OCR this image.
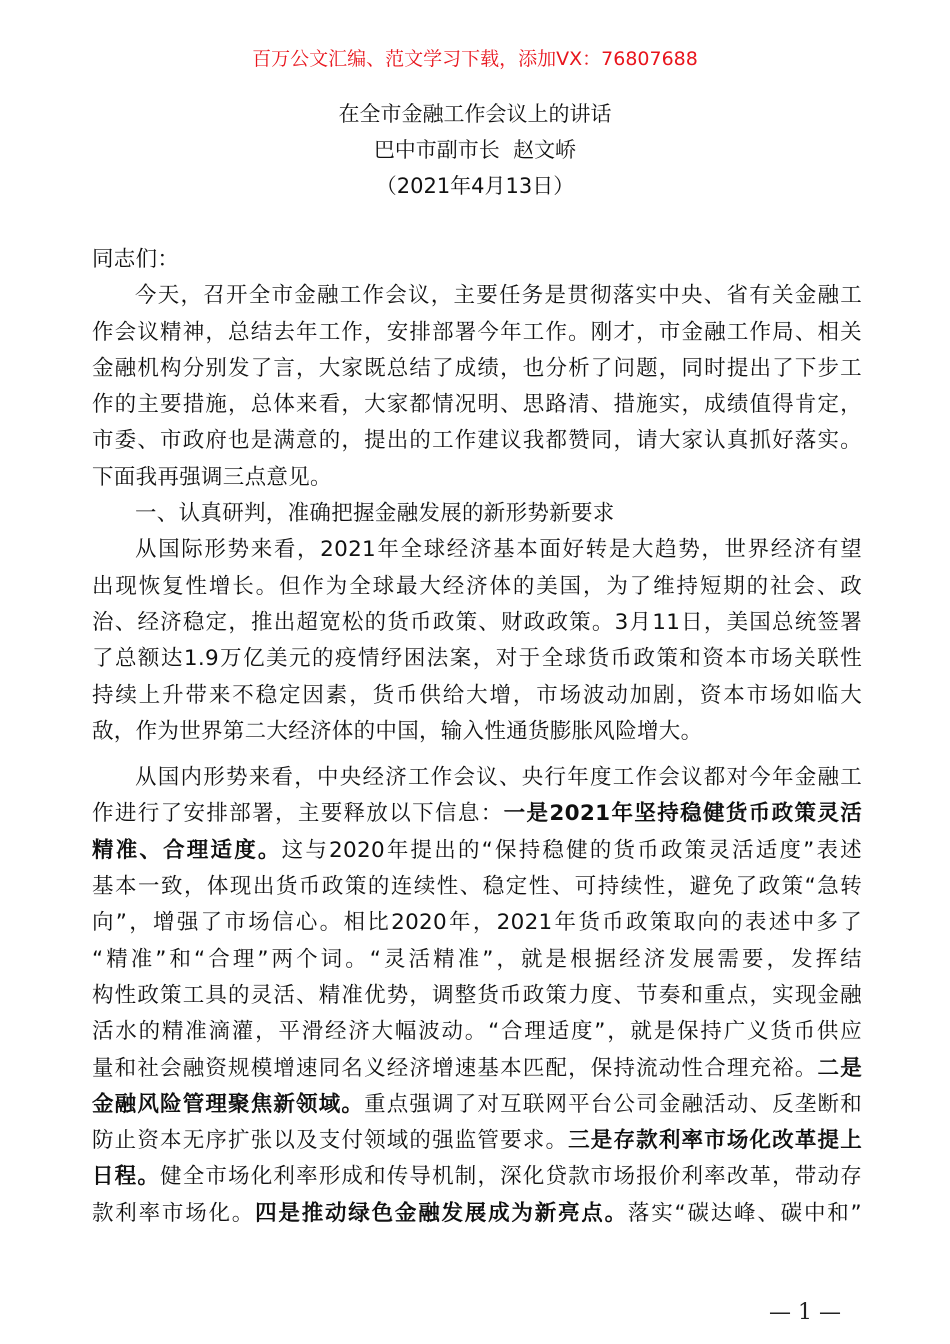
百万公文汇编、范文学习下载，添加VX：76807688
在全市金融工作会议上的讲话
巴中市副市长  赵文峤
（2021年4月13日）
同志们：
今天，召开全市金融工作会议，主要任务是贯彻落实中央、省有关金融工
作会议精神，总结去年工作，安排部署今年工作。刚才，市金融工作局、相关
金融机构分别发了言，大家既总结了成绩，也分析了问题，同时提出了下步工
作的主要措施，总体来看，大家都情况明、思路清、措施实，成绩值得肯定，
市委、市政府也是满意的，提出的工作建议我都赞同，请大家认真抓好落实。
下面我再强调三点意见。
一、认真研判，准确把握金融发展的新形势新要求
从国际形势来看，2021年全球经济基本面好转是大趋势，世界经济有望
出现恢复性增长。但作为全球最大经济体的美国，为了维持短期的社会、政
治、经济稳定，推出超宽松的货币政策、财政政策。3月11日，美国总统签署
了总额达1.9万亿美元的疫情纾困法案，对于全球货币政策和资本市场关联性
持续上升带来不稳定因素，货币供给大增，市场波动加剧，资本市场如临大
敌，作为世界第二大经济体的中国，输入性通货膨胀风险增大。
从国内形势来看，中央经济工作会议、央行年度工作会议都对今年金融工
作进行了安排部署，主要释放以下信息：一是2021年坚持稳健货币政策灵活
精准、合理适度。这与2020年提出的“保持稳健的货币政策灵活适度”表述
基本一致，体现出货币政策的连续性、稳定性、可持续性，避免了政策“急转
向”，增强了市场信心。相比2020年，2021年货币政策取向的表述中多了
“精准”和“合理”两个词。“灵活精准”，就是根据经济发展需要，发挥结
构性政策工具的灵活、精准优势，调整货币政策力度、节奏和重点，实现金融
活水的精准滴灌，平滑经济大幅波动。“合理适度”，就是保持广义货币供应
量和社会融资规模增速同名义经济增速基本匹配，保持流动性合理充裕。二是
金融风险管理聚焦新领域。重点强调了对互联网平台公司金融活动、反垄断和
防止资本无序扩张以及支付领域的强监管要求。三是存款利率市场化改革提上
日程。健全市场化利率形成和传导机制，深化贷款市场报价利率改革，带动存
款利率市场化。四是推动绿色金融发展成为新亮点。落实“碳达峰、碳中和”
— 1 —
